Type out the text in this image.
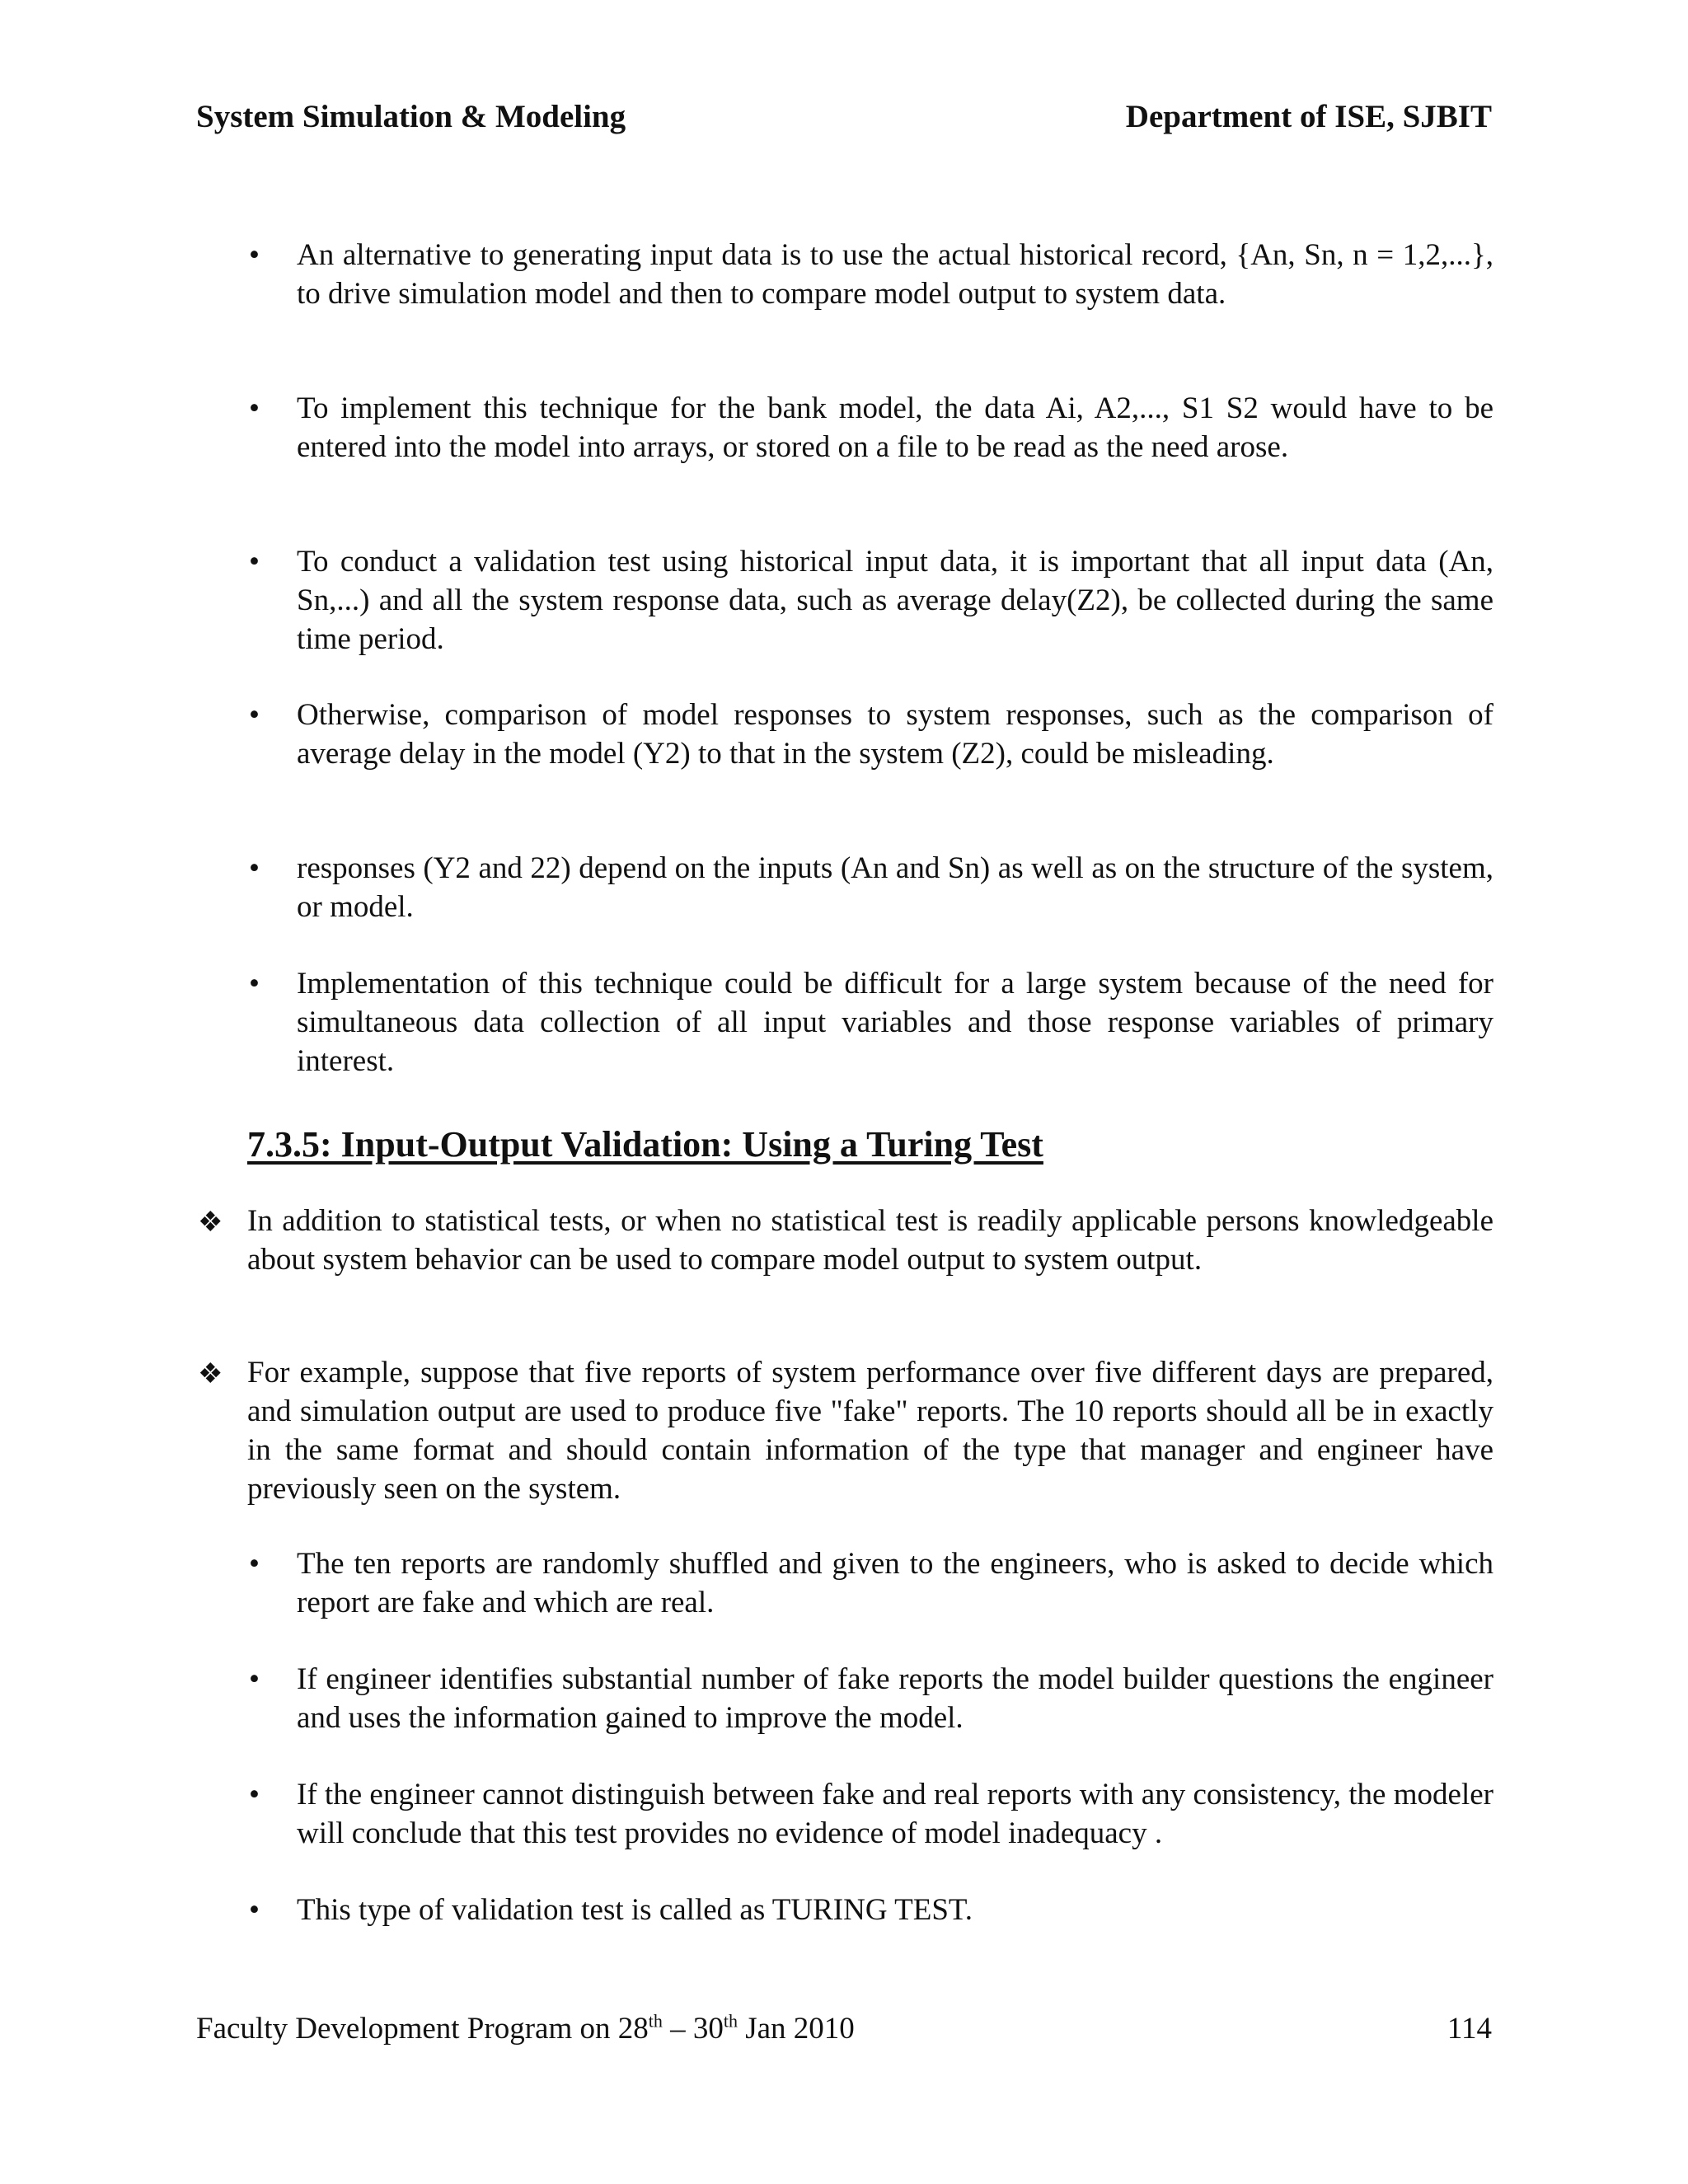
System Simulation & Modeling	Department of ISE, SJBIT
• An alternative to generating input data is to use the actual historical record, {An, Sn, n = 1,2,...}, to drive simulation model and then to compare model output to system data.
• To implement this technique for the bank model, the data Ai, A2,..., S1 S2 would have to be entered into the model into arrays, or stored on a file to be read as the need arose.
• To conduct a validation test using historical input data, it is important that all input data (An, Sn,...) and all the system response data, such as average delay(Z2), be collected during the same time period.
• Otherwise, comparison of model responses to system responses, such as the comparison of average delay in the model (Y2) to that in the system (Z2), could be misleading.
• responses (Y2 and 22) depend on the inputs (An and Sn) as well as on the structure of the system, or model.
• Implementation of this technique could be difficult for a large system because of the need for simultaneous data collection of all input variables and those response variables of primary interest.
7.3.5: Input-Output Validation: Using a Turing Test
❖ In addition to statistical tests, or when no statistical test is readily applicable persons knowledgeable about system behavior can be used to compare model output to system output.
❖ For example, suppose that five reports of system performance over five different days are prepared, and simulation output are used to produce five "fake" reports. The 10 reports should all be in exactly in the same format and should contain information of the type that manager and engineer have previously seen on the system.
• The ten reports are randomly shuffled and given to the engineers, who is asked to decide which report are fake and which are real.
• If engineer identifies substantial number of fake reports the model builder questions the engineer and uses the information gained to improve the model.
• If the engineer cannot distinguish between fake and real reports with any consistency, the modeler will conclude that this test provides no evidence of model inadequacy .
• This type of validation test is called as TURING TEST.
Faculty Development Program on 28th – 30th Jan 2010	114
